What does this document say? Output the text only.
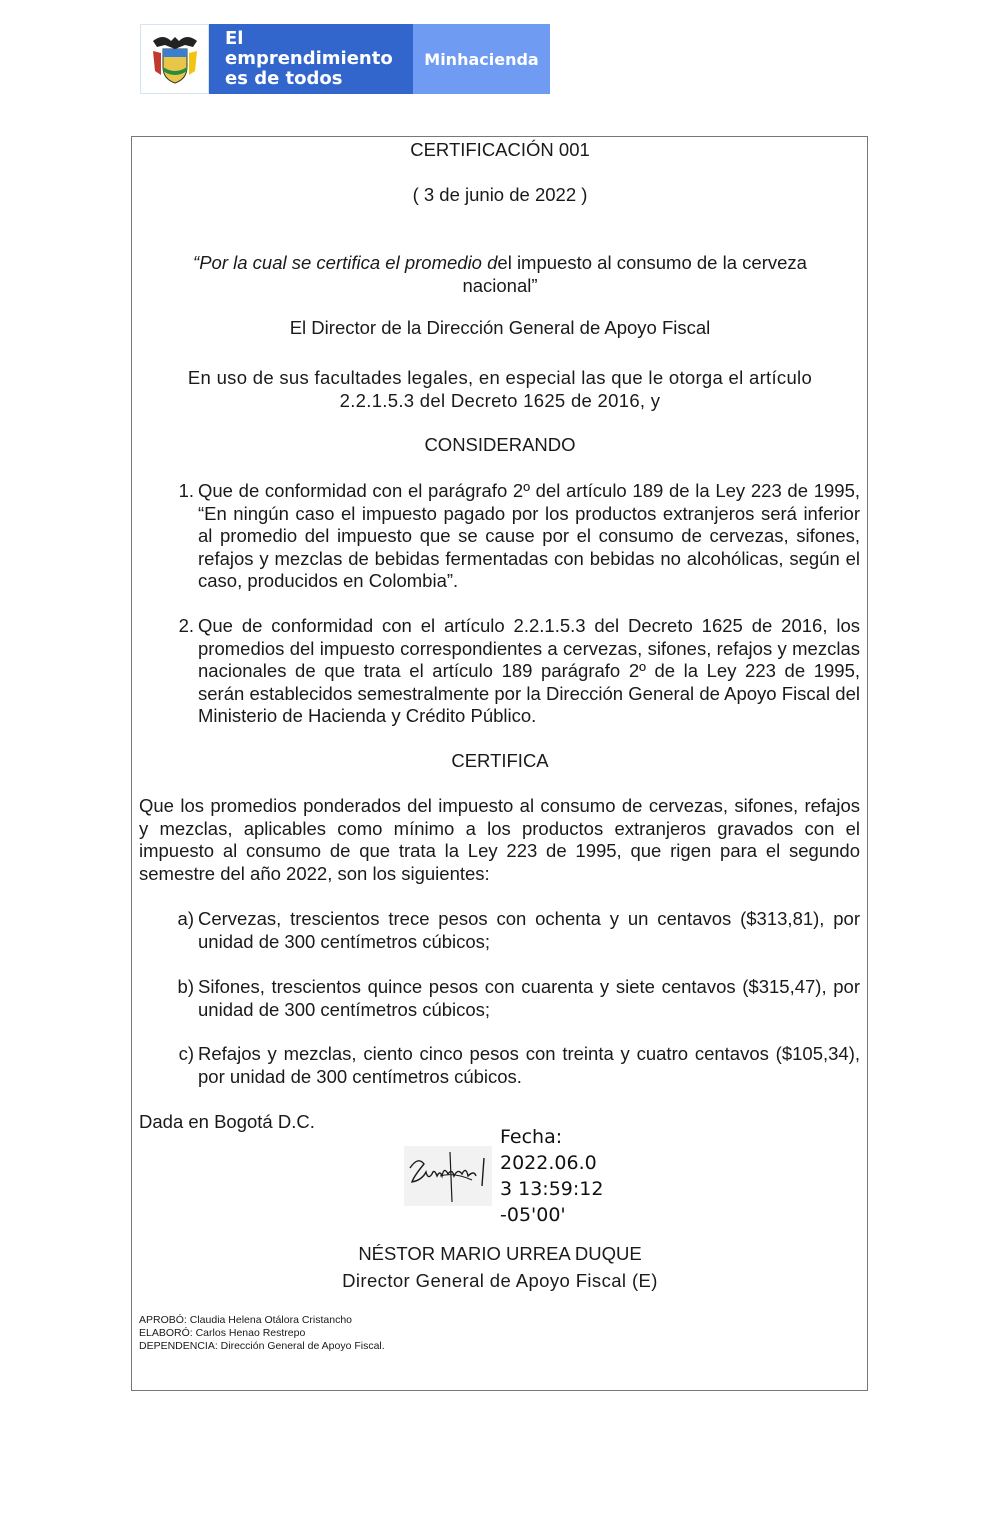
El emprendimiento
es de todos
Minhacienda
CERTIFICACIÓN 001
( 3 de junio de 2022 )
“Por la cual se certifica el promedio del impuesto al consumo de la cerveza nacional”
El Director de la Dirección General de Apoyo Fiscal
En uso de sus facultades legales, en especial las que le otorga el artículo 2.2.1.5.3 del Decreto 1625 de 2016, y
CONSIDERANDO
1. Que de conformidad con el parágrafo 2º del artículo 189 de la Ley 223 de 1995, “En ningún caso el impuesto pagado por los productos extranjeros será inferior al promedio del impuesto que se cause por el consumo de cervezas, sifones, refajos y mezclas de bebidas fermentadas con bebidas no alcohólicas, según el caso, producidos en Colombia”.
2. Que de conformidad con el artículo 2.2.1.5.3 del Decreto 1625 de 2016, los promedios del impuesto correspondientes a cervezas, sifones, refajos y mezclas nacionales de que trata el artículo 189 parágrafo 2º de la Ley 223 de 1995, serán establecidos semestralmente por la Dirección General de Apoyo Fiscal del Ministerio de Hacienda y Crédito Público.
CERTIFICA
Que los promedios ponderados del impuesto al consumo de cervezas, sifones, refajos y mezclas, aplicables como mínimo a los productos extranjeros gravados con el impuesto al consumo de que trata la Ley 223 de 1995, que rigen para el segundo semestre del año 2022, son los siguientes:
a) Cervezas, trescientos trece pesos con ochenta y un centavos ($313,81), por unidad de 300 centímetros cúbicos;
b) Sifones, trescientos quince pesos con cuarenta y siete centavos ($315,47), por unidad de 300 centímetros cúbicos;
c) Refajos y mezclas, ciento cinco pesos con treinta y cuatro centavos ($105,34), por unidad de 300 centímetros cúbicos.
Dada en Bogotá D.C.
Fecha:
2022.06.0
3 13:59:12
-05'00'
NÉSTOR MARIO URREA DUQUE
Director General de Apoyo Fiscal (E)
APROBÓ: Claudia Helena Otálora Cristancho
ELABORÓ: Carlos Henao Restrepo
DEPENDENCIA: Dirección General de Apoyo Fiscal.
